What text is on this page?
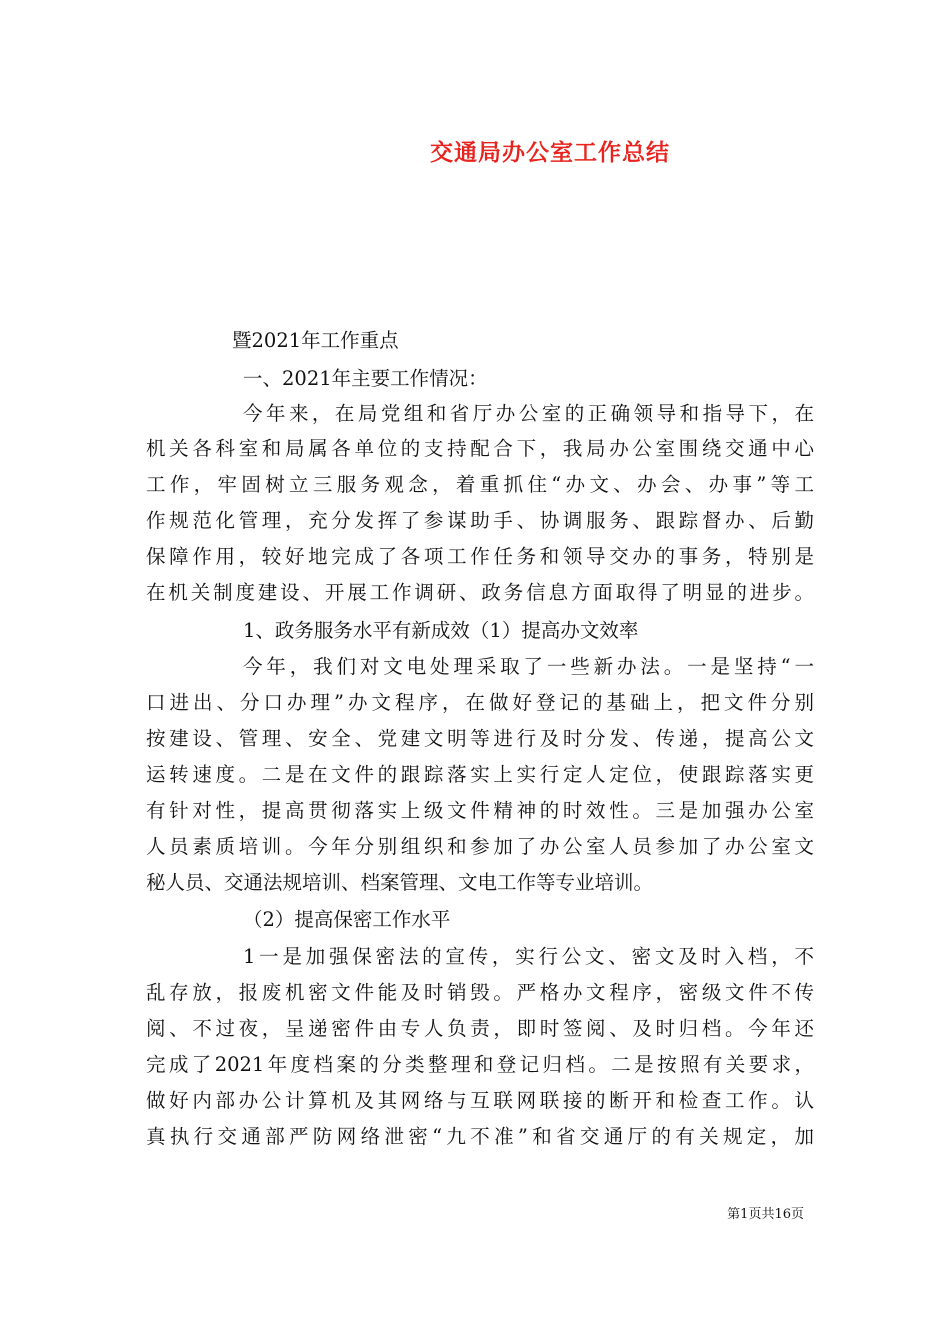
交通局办公室工作总结
暨2021年工作重点
一、2021年主要工作情况：
今年来，在局党组和省厅办公室的正确领导和指导下，在
机关各科室和局属各单位的支持配合下，我局办公室围绕交通中心
工作，牢固树立三服务观念，着重抓住“办文、办会、办事”等工
作规范化管理，充分发挥了参谋助手、协调服务、跟踪督办、后勤
保障作用，较好地完成了各项工作任务和领导交办的事务，特别是
在机关制度建设、开展工作调研、政务信息方面取得了明显的进步。
1、政务服务水平有新成效（1）提高办文效率
今年，我们对文电处理采取了一些新办法。一是坚持“一
口进出、分口办理”办文程序，在做好登记的基础上，把文件分别
按建设、管理、安全、党建文明等进行及时分发、传递，提高公文
运转速度。二是在文件的跟踪落实上实行定人定位，使跟踪落实更
有针对性，提高贯彻落实上级文件精神的时效性。三是加强办公室
人员素质培训。今年分别组织和参加了办公室人员参加了办公室文
秘人员、交通法规培训、档案管理、文电工作等专业培训。
（2）提高保密工作水平
1一是加强保密法的宣传，实行公文、密文及时入档，不
乱存放，报废机密文件能及时销毁。严格办文程序，密级文件不传
阅、不过夜，呈递密件由专人负责，即时签阅、及时归档。今年还
完成了2021年度档案的分类整理和登记归档。二是按照有关要求，
做好内部办公计算机及其网络与互联网联接的断开和检查工作。认
真执行交通部严防网络泄密“九不准”和省交通厅的有关规定，加
第1页共16页
